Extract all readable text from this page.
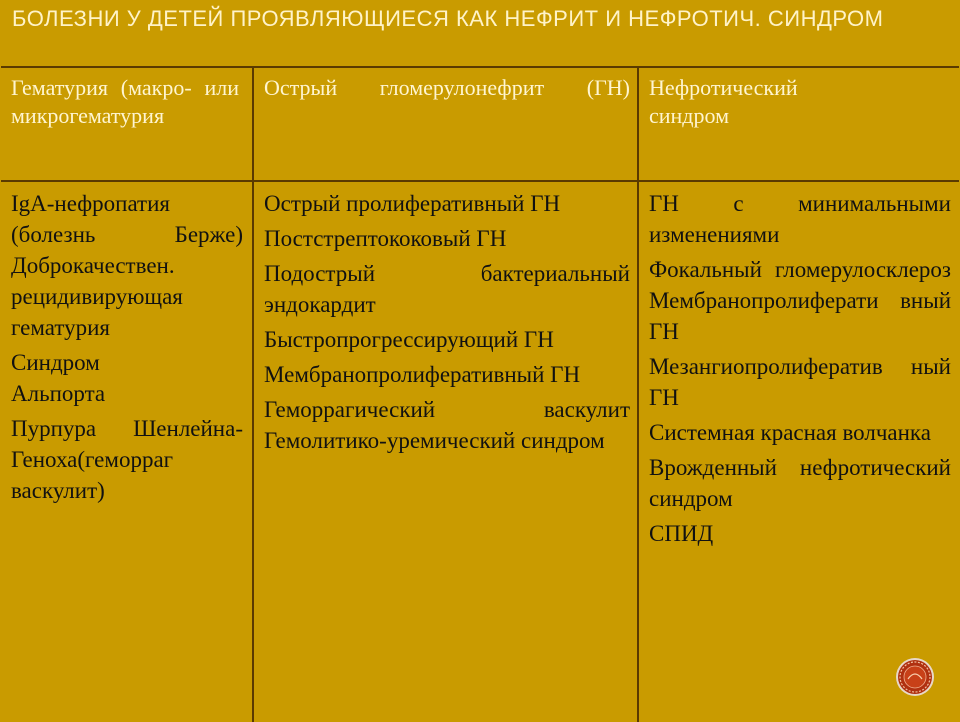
БОЛЕЗНИ У ДЕТЕЙ ПРОЯВЛЯЮЩИЕСЯ КАК НЕФРИТ И НЕФРОТИЧ. СИНДРОМ
Гематурия (макро- или микрогематурия
Острый гломерулонефрит (ГН) Нефротический синдром
IgA-нефропатия (болезнь Берже) Доброкачествен. рецидивирующая гематурия
Синдром Альпорта
Пурпура Шенлейна-Геноха(геморраг васкулит)
Острый пролиферативный ГН
Постстрептококовый ГН
Подострый бактериальный эндокардит
Быстропрогрессирующий ГН
Мембранопролиферативный ГН
Геморрагический васкулит Гемолитико-уремический синдром
ГН с минимальными изменениями
Фокальный гломерулосклероз Мембранопролиферати вный ГН
Мезангиопролифератив ный ГН
Системная красная волчанка
Врожденный нефротический синдром
СПИД
